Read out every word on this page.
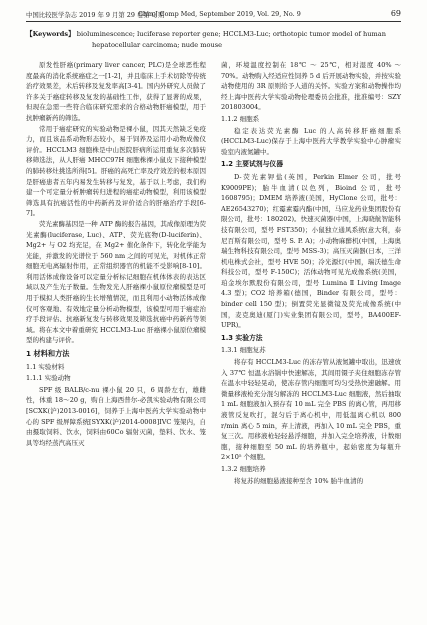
中国比较医学杂志 2019 年 9 月第 29 卷第 9 期
Chin J Comp Med, September 2019, Vol. 29, No. 9	69
【Keywords】 bioluminescence; luciferase reporter gene; HCCLM3-Luc; orthotopic tumor model of human
hepatocellular carcinoma; nude mouse

原发性肝癌(primary liver cancer, PLC)是全球恶性程度最高的消化系统癌症之一[1-2]，并且临床上手术切除等传统治疗效果差，术后转移及复发率高[3-4]。国内外研究人员做了许多关于癌症转移及复发的基础性工作，获得了显著的成果，但现在急需一些符合临床研究需求的合格动物肝癌模型，用于抗肿瘤新药的筛选。

常用于癌症研究的实验动物是裸小鼠，因其天然缺乏免疫力，而且该品系动物形态较小，易于饲养及运用小动物成像仪评价。HCCLM3 细胞株是中山医院肝病所运用重复多次肺转移筛选法，从人肝癌 MHCC97H 细胞株裸小鼠皮下接种模型的肺转移灶挑选所得[5]。肝癌的高死亡率及疗效差的根本原因是肝癌患者五年内易发生转移与复发，基于以上考虑，我们构建一个可定量分析肿瘤转归进程的癌症动物模型，利用该模型筛选具有抗癌活性的中药新药及评价适合的肝癌治疗手段[6-7]。

荧光素酶基因是一种 ATP 酶的报告基因，其成像原理为荧光素酶(luciferase, Luc)、ATP、荧光底物(D-luciferin)、Mg2+ 与 O2 均充足，在 Mg2+ 催化条件下，转化化学能为光能，并激发的光谱位于 560 nm 之间的可见光，对机体正常细胞无电离辐射作用，正常组织器官的机能不受影响[8-10]。利用活体成像设备可以定量分析标记细胞在机体体表的表达区域以及产生光子数量。生物发光人肝癌裸小鼠原位瘤模型是可用于模拟人类肝癌的生长增殖情况，而且利用小动物活体成像仪可客观地、有效地定量分析动物模型，该模型可用于癌症治疗手段评估、抗癌新复发与转移效果及筛选抗癌中药新药等领域。将在本文中着重研究 HCCLM3-Luc 肝癌裸小鼠原位瘤模型的构建与评价。

1 材料和方法

1.1 实验材料

1.1.1 实验动物

SPF 级 BALB/c-nu 裸小鼠 20 只，6 周龄左右，雄雌性，体重 18～20 g，购自上海西普尔-必凯实验动物有限公司[SCXK(沪)2013-0016]，饲养于上海中医药大学实验动物中心的 SPF 级屏障系统[SYXK(沪)2014-0008]IVC 笼架内，自由摄取饲料、饮水，饲料由60Co 辐射灭菌，垫料、饮水、笼具等均经蒸汽高压灭

菌，环境温度控制在 18℃ ～ 25℃，相对湿度 40% ～ 70%。动物购入经适应性饲养 5 d 后开展动物实验，并按实验动物使用的 3R 原则给予人道的关怀。实验方案和动物操作均经上海中医药大学实验动物伦理委员会批准，批准编号：SZY 201803004。

1.1.2 细胞系

稳定表达荧光素酶 Luc 的人高转移肝癌细胞系(HCCLM3-Luc)保存于上海中医药大学教学实验中心肿瘤实验室内液氮罐中。

1.2 主要试剂与仪器

D-荧光素钾盐(英国，Perkin Elmer 公司，批号 K9009PE)；胎牛血清(以色列，Bioind 公司，批号 1608795)；DMEM 培养液(美国，HyClone 公司，批号：AE26543270)；红霉素霉内酯(中国，马应龙药业集团股份有限公司，批号：180202)。快速灭菌器(中国，上海晓航智能科技有限公司，型号 FST350)；小鼠独立通风系统(意大利，泰尼百斯有限公司，型号 S. P. A)；小动物麻醉机(中国，上海奥瑞生物科技有限公司，型号 MSS-3)；高压灭菌器(日本，三洋机电株式会社，型号 HVE 50)；冷光源灯(中国，瑞沃德生命科技公司，型号 F-150C)；活体动物可见光成像系统(美国，珀金埃尔默股份有限公司，型号 Lumina Ⅱ Living Image 4.3 型)；CO2 培养箱(德国，Binder 有限公司，型号：binder cell 150 型)；倒置荧光显微镜及荧光成像系统(中国，麦克奥迪(厦门)实业集团有限公司，型号，BA400EF-UPR)。

1.3 实验方法

1.3.1 细胞复苏

将存有 HCCLM3-Luc 的冻存管从液氮罐中取出，迅速放入 37℃ 恒温水浴锅中快速解冻，其间用镊子夹住细胞冻存管在温水中轻轻晃动，使冻存管内细胞可均匀受热快速融解。用微量移液枪充分混匀解冻的 HCCLM3-Luc 细胞液，然后抽取 1 mL 细胞液加入预存有 10 mL 完全 PBS 的离心管，再用移液管反复吹打，混匀后于离心机中，用低温离心机以 800 r/min 离心 5 min，弃上清液，再加入 10 mL 完全 PBS，重复三次。用移液枪轻轻悬浮细胞，并加入完全培养液，计数细胞，接种细胞至 50 mL 的培养瓶中，起始密度为每瓶升 2×10⁵ 个细胞。

1.3.2 细胞培养

将复苏的细胞悬液接种至含 10% 胎牛血清的
